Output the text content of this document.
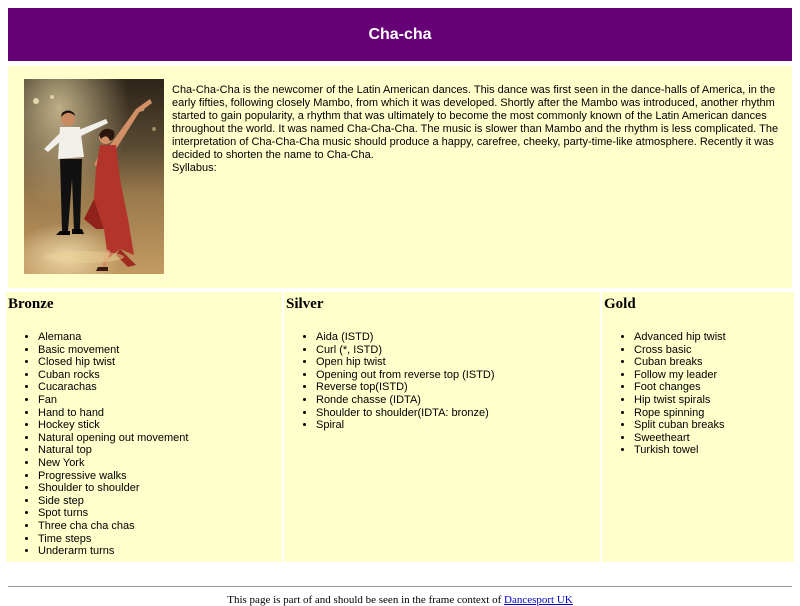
Cha-cha

Cha-Cha-Cha is the newcomer of the Latin American dances. This dance was first seen in the dance-halls of America, in the early fifties, following closely Mambo, from which it was developed. Shortly after the Mambo was introduced, another rhythm started to gain popularity, a rhythm that was ultimately to become the most commonly known of the Latin American dances throughout the world. It was named Cha-Cha-Cha. The music is slower than Mambo and the rhythm is less complicated. The interpretation of Cha-Cha-Cha music should produce a happy, carefree, cheeky, party-time-like atmosphere. Recently it was decided to shorten the name to Cha-Cha.

Syllabus:

Bronze
• Alemana
• Basic movement
• Closed hip twist
• Cuban rocks
• Cucarachas
• Fan
• Hand to hand
• Hockey stick
• Natural opening out movement
• Natural top
• New York
• Progressive walks
• Shoulder to shoulder
• Side step
• Spot turns
• Three cha cha chas
• Time steps
• Underarm turns
Silver
• Aida (ISTD)
• Curl (*, ISTD)
• Open hip twist
• Opening out from reverse top (ISTD)
• Reverse top(ISTD)
• Ronde chasse (IDTA)
• Shoulder to shoulder(IDTA: bronze)
• Spiral
Gold
• Advanced hip twist
• Cross basic
• Cuban breaks
• Follow my leader
• Foot changes
• Hip twist spirals
• Rope spinning
• Split cuban breaks
• Sweetheart
• Turkish towel
This page is part of and should be seen in the frame context of Dancesport UK
